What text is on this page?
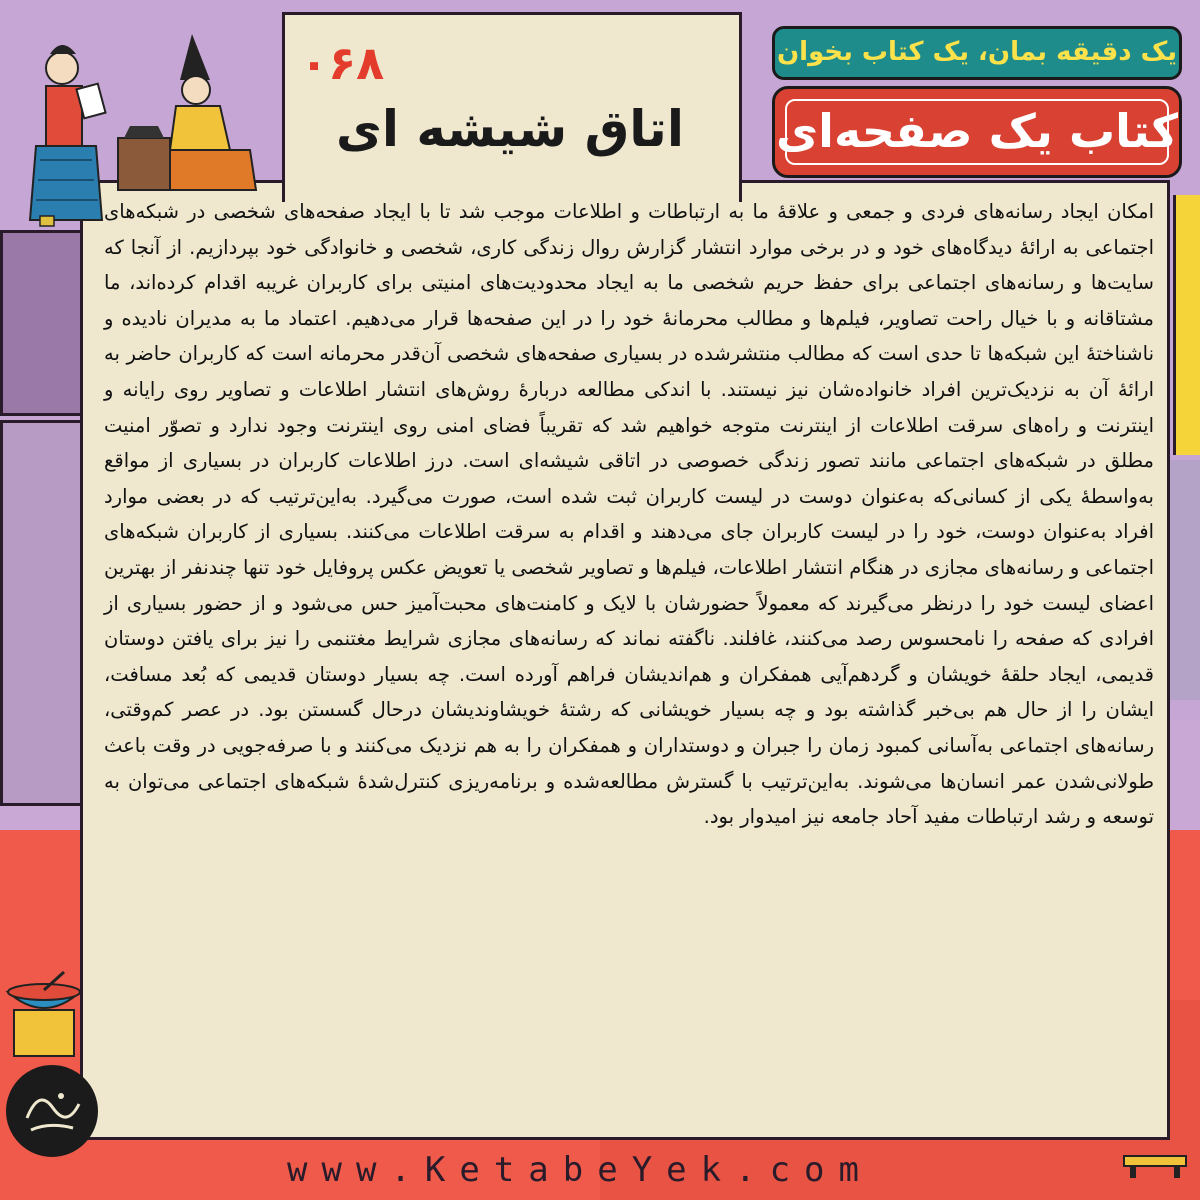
۰۶۸
اتاق شیشه ای
یک دقیقه بمان، یک کتاب بخوان
کتاب یک صفحه‌ای
امکان ایجاد رسانه‌های فردی و جمعی و علاقهٔ ما به ارتباطات و اطلاعات موجب شد تا با ایجاد صفحه‌های شخصی در شبکه‌های اجتماعی به ارائهٔ دیدگاه‌های خود و در برخی موارد انتشار گزارش روال زندگی کاری، شخصی و خانوادگی خود بپردازیم. از آنجا که سایت‌ها و رسانه‌های اجتماعی برای حفظ حریم شخصی ما به ایجاد محدودیت‌های امنیتی برای کاربران غریبه اقدام کرده‌اند، ما مشتاقانه و با خیال راحت تصاویر، فیلم‌ها و مطالب محرمانهٔ خود را در این صفحه‌ها قرار می‌دهیم. اعتماد ما به مدیران نادیده و ناشناختهٔ این شبکه‌ها تا حدی است که مطالب منتشرشده در بسیاری صفحه‌های شخصی آن‌قدر محرمانه است که کاربران حاضر به ارائهٔ آن به نزدیک‌ترین افراد خانواده‌شان نیز نیستند. با اندکی مطالعه دربارهٔ روش‌های انتشار اطلاعات و تصاویر روی رایانه و اینترنت و راه‌های سرقت اطلاعات از اینترنت متوجه خواهیم شد که تقریباً فضای امنی روی اینترنت وجود ندارد و تصوّر امنیت مطلق در شبکه‌های اجتماعی مانند تصور زندگی خصوصی در اتاقی شیشه‌ای است. درز اطلاعات کاربران در بسیاری از مواقع به‌واسطهٔ یکی از کسانی‌که به‌عنوان دوست در لیست کاربران ثبت شده است، صورت می‌گیرد. به‌این‌ترتیب که در بعضی موارد افراد به‌عنوان دوست، خود را در لیست کاربران جای می‌دهند و اقدام به سرقت اطلاعات می‌کنند. بسیاری از کاربران شبکه‌های اجتماعی و رسانه‌های مجازی در هنگام انتشار اطلاعات، فیلم‌ها و تصاویر شخصی یا تعویض عکس پروفایل خود تنها چندنفر از بهترین اعضای لیست خود را درنظر می‌گیرند که معمولاً حضورشان با لایک و کامنت‌های محبت‌آمیز حس می‌شود و از حضور بسیاری از افرادی که صفحه را نامحسوس رصد می‌کنند، غافلند. ناگفته نماند که رسانه‌های مجازی شرایط مغتنمی را نیز برای یافتن دوستان قدیمی، ایجاد حلقهٔ خویشان و گردهم‌آیی همفکران و هم‌اندیشان فراهم آورده است. چه بسیار دوستان قدیمی که بُعد مسافت، ایشان را از حال هم بی‌خبر گذاشته بود و چه بسیار خویشانی که رشتهٔ خویشاوندیشان درحال گسستن بود. در عصر کم‌وقتی، رسانه‌های اجتماعی به‌آسانی کمبود زمان را جبران و دوستداران و همفکران را به هم نزدیک می‌کنند و با صرفه‌جویی در وقت باعث طولانی‌شدن عمر انسان‌ها می‌شوند. به‌این‌ترتیب با گسترش مطالعه‌شده و برنامه‌ریزی کنترل‌شدهٔ شبکه‌های اجتماعی می‌توان به توسعه و رشد ارتباطات مفید آحاد جامعه نیز امیدوار بود.
www.KetabeYek.com
